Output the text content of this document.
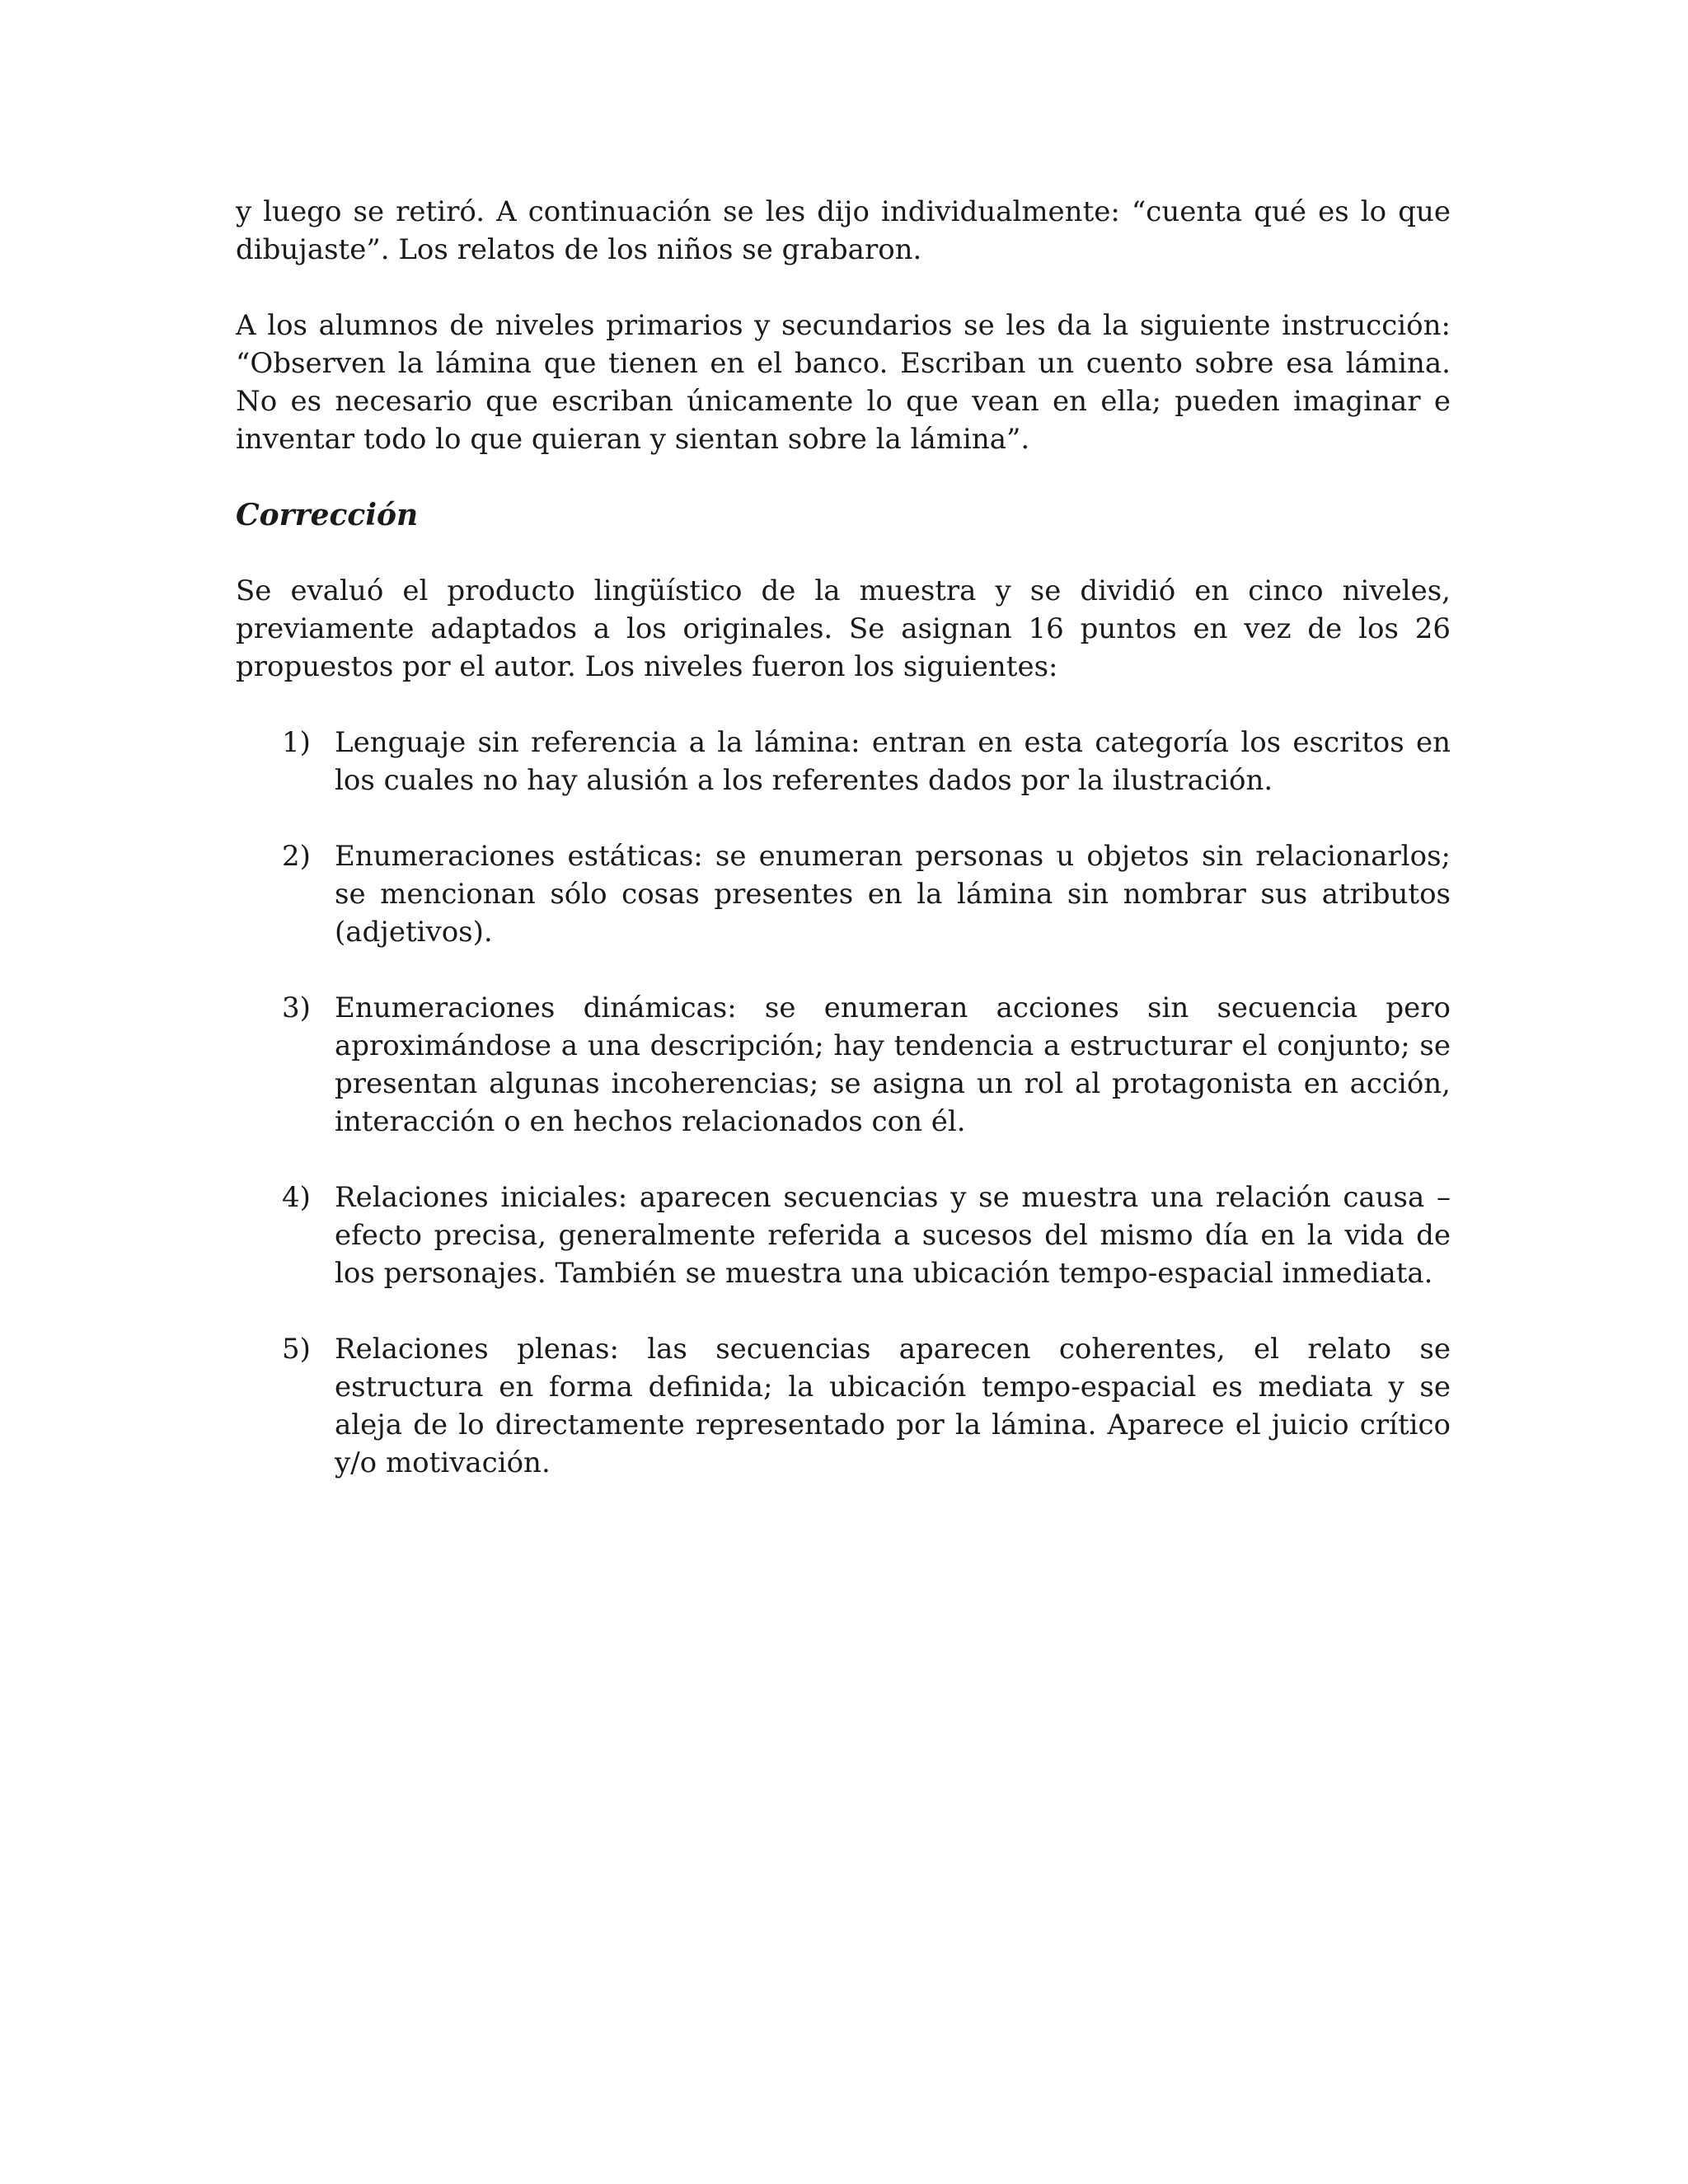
y luego se retiró. A continuación se les dijo individualmente: “cuenta qué es lo que dibujaste”. Los relatos de los niños se grabaron.

A los alumnos de niveles primarios y secundarios se les da la siguiente instrucción: “Observen la lámina que tienen en el banco. Escriban un cuento sobre esa lámina. No es necesario que escriban únicamente lo que vean en ella; pueden imaginar e inventar todo lo que quieran y sientan sobre la lámina”.

Corrección

Se evaluó el producto lingüístico de la muestra y se dividió en cinco niveles, previamente adaptados a los originales. Se asignan 16 puntos en vez de los 26 propuestos por el autor. Los niveles fueron los siguientes:

1) Lenguaje sin referencia a la lámina: entran en esta categoría los escritos en los cuales no hay alusión a los referentes dados por la ilustración.
2) Enumeraciones estáticas: se enumeran personas u objetos sin relacionarlos; se mencionan sólo cosas presentes en la lámina sin nombrar sus atributos (adjetivos).
3) Enumeraciones dinámicas: se enumeran acciones sin secuencia pero aproximándose a una descripción; hay tendencia a estructurar el conjunto; se presentan algunas incoherencias; se asigna un rol al protagonista en acción, interacción o en hechos relacionados con él.
4) Relaciones iniciales: aparecen secuencias y se muestra una relación causa – efecto precisa, generalmente referida a sucesos del mismo día en la vida de los personajes. También se muestra una ubicación tempo-espacial inmediata.
5) Relaciones plenas: las secuencias aparecen coherentes, el relato se estructura en forma definida; la ubicación tempo-espacial es mediata y se aleja de lo directamente representado por la lámina. Aparece el juicio crítico y/o motivación.
